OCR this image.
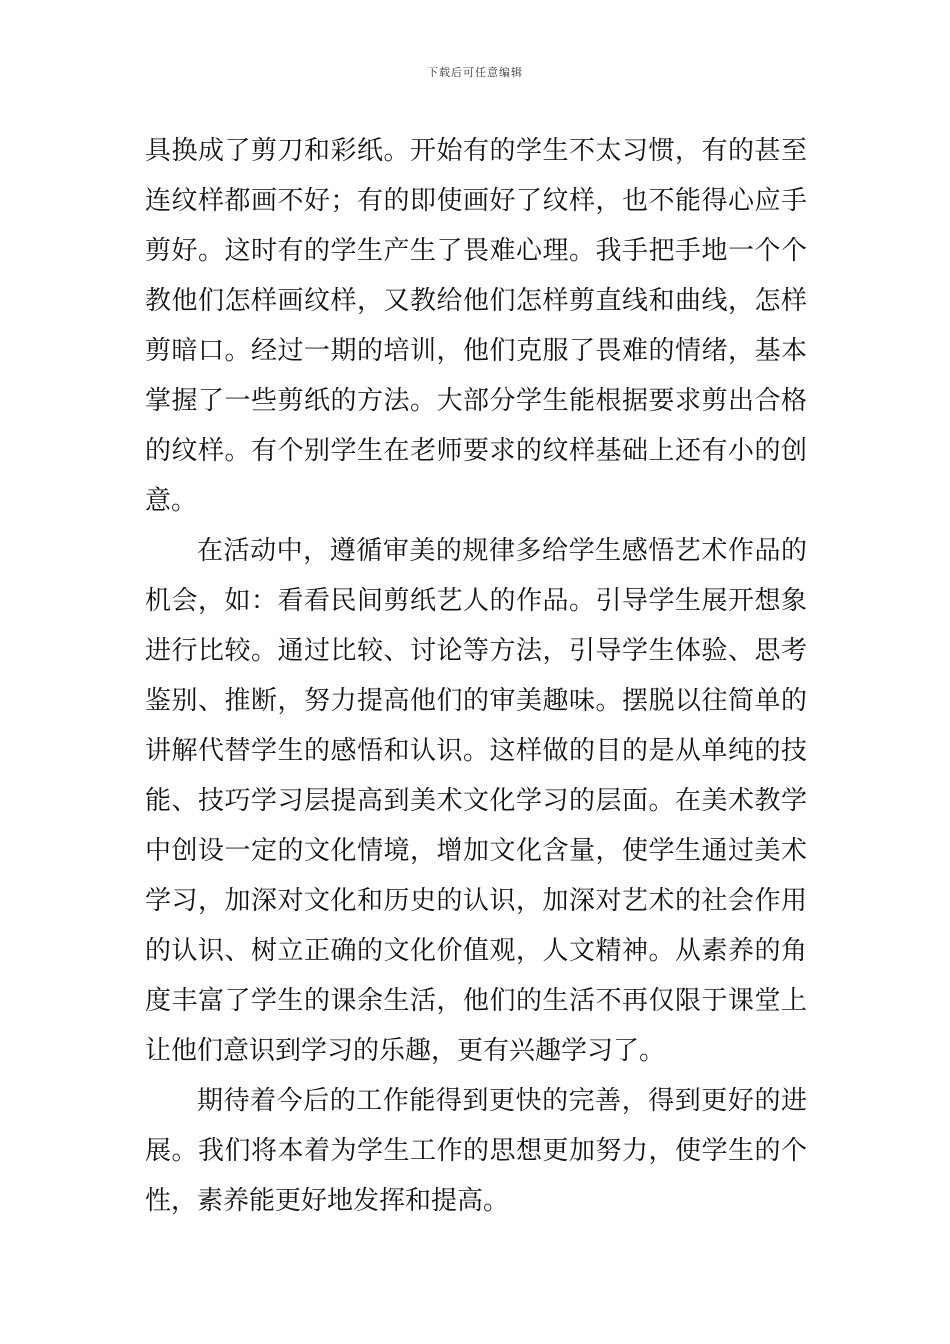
下载后可任意编辑

具换成了剪刀和彩纸。开始有的学生不太习惯，有的甚至连纹样都画不好；有的即使画好了纹样，也不能得心应手剪好。这时有的学生产生了畏难心理。我手把手地一个个教他们怎样画纹样，又教给他们怎样剪直线和曲线，怎样剪暗口。经过一期的培训，他们克服了畏难的情绪，基本掌握了一些剪纸的方法。大部分学生能根据要求剪出合格的纹样。有个别学生在老师要求的纹样基础上还有小的创意。

在活动中，遵循审美的规律多给学生感悟艺术作品的机会，如：看看民间剪纸艺人的作品。引导学生展开想象进行比较。通过比较、讨论等方法，引导学生体验、思考鉴别、推断，努力提高他们的审美趣味。摆脱以往简单的讲解代替学生的感悟和认识。这样做的目的是从单纯的技能、技巧学习层提高到美术文化学习的层面。在美术教学中创设一定的文化情境，增加文化含量，使学生通过美术学习，加深对文化和历史的认识，加深对艺术的社会作用的认识、树立正确的文化价值观，人文精神。从素养的角度丰富了学生的课余生活，他们的生活不再仅限于课堂上让他们意识到学习的乐趣，更有兴趣学习了。

期待着今后的工作能得到更快的完善，得到更好的进展。我们将本着为学生工作的思想更加努力，使学生的个性，素养能更好地发挥和提高。
